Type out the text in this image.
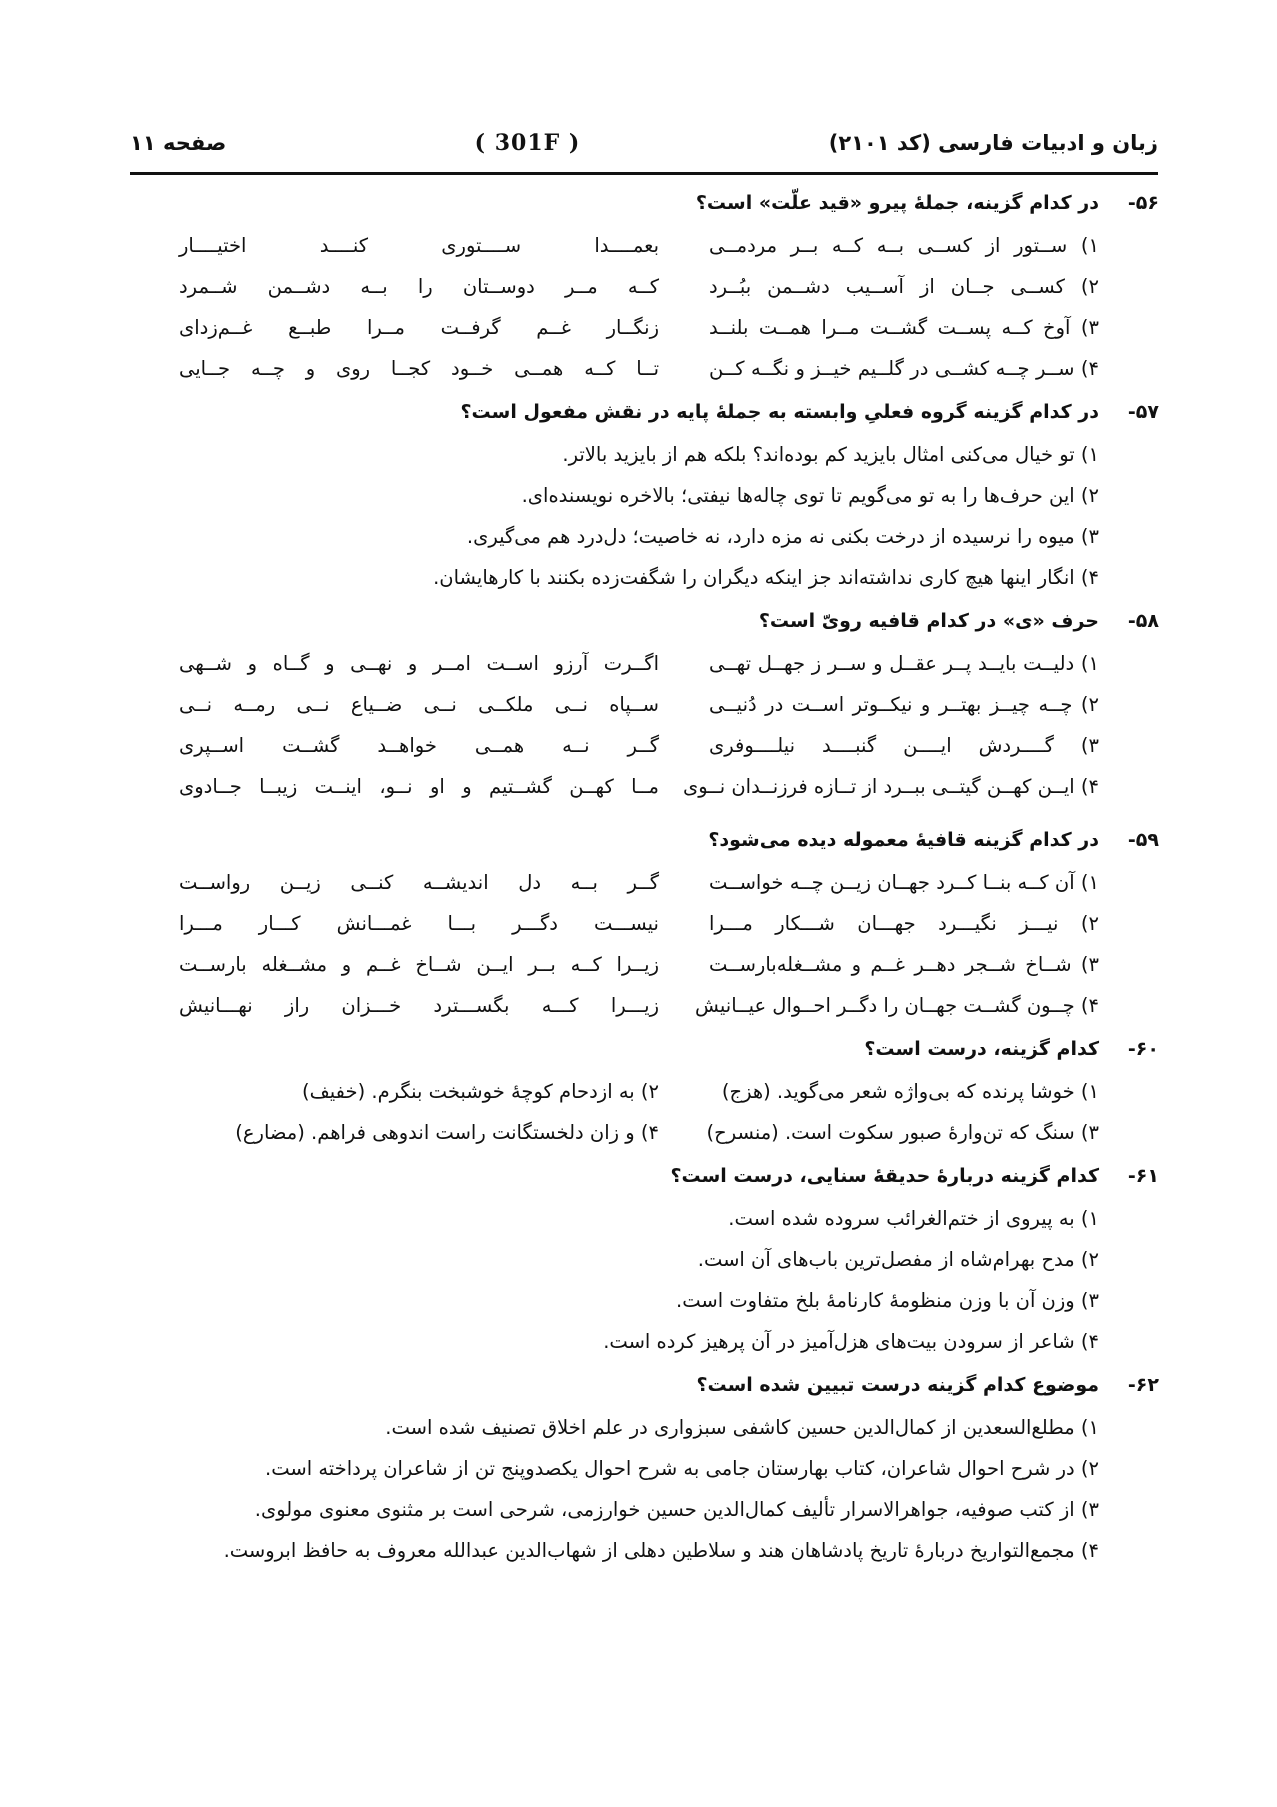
زبان و ادبیات فارسی (کد ۲۱۰۱)
( 301F )
صفحه ۱۱
۵۶-
در کدام گزینه، جملۀ پیرو «قید علّت» است؟
۱) ســتور از کســی بــه کــه بــر مردمــی
بعمــــدا ســــتوری کنــــد اختیــــار
۲) کســی جــان از آســیب دشــمن ببُــرد
کــه مــر دوســتان را بــه دشــمن شــمرد
۳) آوخ کــه پســت گشــت مــرا همــت بلنــد
زنگــار غــم گرفــت مــرا طبــع غــم‌زدای
۴) ســر چــه کشــی در گلــیم خیــز و نگــه کــن
تــا کــه همــی خــود کجــا روی و چــه جــایی
۵۷-
در کدام گزینه گروه فعلیِ وابسته به جملۀ پایه در نقش مفعول است؟
۱) تو خیال می‌کنی امثال بایزید کم بوده‌اند؟ بلکه هم از بایزید بالاتر.
۲) این حرف‌ها را به تو می‌گویم تا توی چاله‌ها نیفتی؛ بالاخره نویسنده‌ای.
۳) میوه را نرسیده از درخت بکنی نه مزه دارد، نه خاصیت؛ دل‌درد هم می‌گیری.
۴) انگار اینها هیچ کاری نداشته‌اند جز اینکه دیگران را شگفت‌زده بکنند با کارهایشان.
۵۸-
حرف «ی» در کدام قافیه رویّ است؟
۱) دلیــت بایــد پــر عقــل و ســر ز جهــل تهــی
اگــرت آرزو اســت امــر و نهــی و گــاه و شــهی
۲) چــه چیــز بهتــر و نیکــوتر اســت در دُنیــی
ســپاه نــی ملکــی نــی ضــیاع نــی رمــه نــی
۳) گــــردش ایــــن گنبــــد نیلــــوفری
گــر نــه همــی خواهــد گشــت اســپری
۴) ایــن کهــن گیتــی ببــرد از تــازه فرزنــدان نــوی
مــا کهــن گشــتیم و او نــو، اینــت زیبــا جــادوی
۵۹-
در کدام گزینه قافیۀ معموله دیده می‌شود؟
۱) آن کــه بنــا کــرد جهــان زیــن چــه خواســت
گــر بــه دل اندیشــه کنــی زیــن رواســت
۲) نیـــز نگیـــرد جهـــان شـــکار مـــرا
نیســـت دگـــر بـــا غمـــانش کـــار مـــرا
۳) شــاخ شــجر دهــر غــم و مشــغله‌بارســت
زیــرا کــه بــر ایــن شــاخ غــم و مشــغله بارســت
۴) چــون گشــت جهــان را دگــر احــوال عیــانیش
زیـــرا کـــه بگســـترد خـــزان راز نهـــانیش
۶۰-
کدام گزینه، درست است؟
۱) خوشا پرنده که بی‌واژه شعر می‌گوید. (هزج)
۲) به ازدحام کوچۀ خوشبخت بنگرم. (خفیف)
۳) سنگ که تن‌وارۀ صبور سکوت است. (منسرح)
۴) و زان دلخستگانت راست اندوهی فراهم. (مضارع)
۶۱-
کدام گزینه دربارۀ حدیقۀ سنایی، درست است؟
۱) به پیروی از ختم‌الغرائب سروده شده است.
۲) مدح بهرام‌شاه از مفصل‌ترین باب‌های آن است.
۳) وزن آن با وزن منظومۀ کارنامۀ بلخ متفاوت است.
۴) شاعر از سرودن بیت‌های هزل‌آمیز در آن پرهیز کرده است.
۶۲-
موضوع کدام گزینه درست تبیین شده است؟
۱) مطلع‌السعدین از کمال‌الدین حسین کاشفی سبزواری در علم اخلاق تصنیف شده است.
۲) در شرح احوال شاعران، کتاب بهارستان جامی به شرح احوال یکصدوپنج تن از شاعران پرداخته است.
۳) از کتب صوفیه، جواهرالاسرار تألیف کمال‌الدین حسین خوارزمی، شرحی است بر مثنوی معنوی مولوی.
۴) مجمع‌التواریخ دربارۀ تاریخ پادشاهان هند و سلاطین دهلی از شهاب‌الدین عبدالله معروف به حافظ ابروست.
